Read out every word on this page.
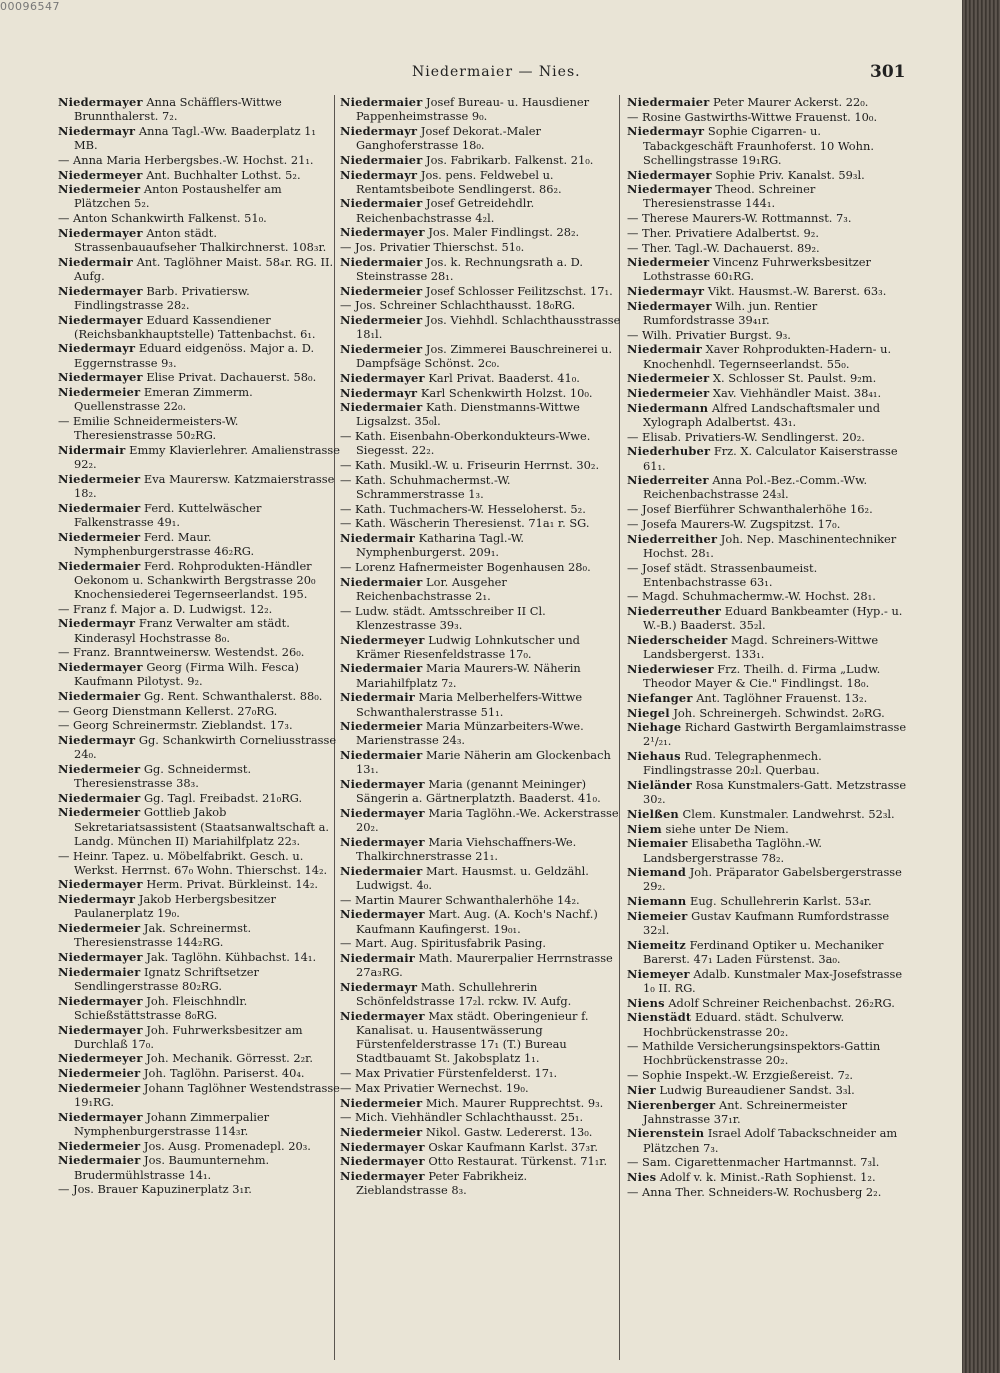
00096547
Niedermaier — Nies.	301
Niedermayer Anna Schäfflers-Wittwe Brunnthalerst. 7₂.
Niedermayr Anna Tagl.-Ww. Baaderplatz 1₁ MB.
— Anna Maria Herbergsbes.-W. Hochst. 21₁.
Niedermeyer Ant. Buchhalter Lothst. 5₂.
Niedermeier Anton Postaushelfer am Plätzchen 5₂.
— Anton Schankwirth Falkenst. 51₀.
Niedermayer Anton städt. Strassenbauaufseher Thalkirchnerst. 108₃r.
Niedermair Ant. Taglöhner Maist. 58₄r. RG. II. Aufg.
Niedermayer Barb. Privatiersw. Findlingstrasse 28₂.
Niedermayer Eduard Kassendiener (Reichsbankhauptstelle) Tattenbachst. 6₁.
Niedermayr Eduard eidgenöss. Major a. D. Eggernstrasse 9₃.
Niedermayer Elise Privat. Dachauerst. 58₀.
Niedermeier Emeran Zimmerm. Quellenstrasse 22₀.
— Emilie Schneidermeisters-W. Theresienstrasse 50₂RG.
Nidermair Emmy Klavierlehrer. Amalienstrasse 92₂.
Niedermeier Eva Maurersw. Katzmaierstrasse 18₂.
Niedermaier Ferd. Kuttelwäscher Falkenstrasse 49₁.
Niedermeier Ferd. Maur. Nymphenburgerstrasse 46₂RG.
Niedermaier Ferd. Rohprodukten-Händler Oekonom u. Schankwirth Bergstrasse 20₀ Knochensiederei Tegernseerlandst. 195.
— Franz f. Major a. D. Ludwigst. 12₂.
Niedermayr Franz Verwalter am städt. Kinderasyl Hochstrasse 8₀.
— Franz. Branntweinersw. Westendst. 26₀.
Niedermayer Georg (Firma Wilh. Fesca) Kaufmann Pilotyst. 9₂.
Niedermaier Gg. Rent. Schwanthalerst. 88₀.
— Georg Dienstmann Kellerst. 27₀RG.
— Georg Schreinermstr. Zieblandst. 17₃.
Niedermayr Gg. Schankwirth Corneliusstrasse 24₀.
Niedermeier Gg. Schneidermst. Theresienstrasse 38₃.
Niedermaier Gg. Tagl. Freibadst. 21₀RG.
Niedermeier Gottlieb Jakob Sekretariatsassistent (Staatsanwaltschaft a. Landg. München II) Mariahilfplatz 22₃.
— Heinr. Tapez. u. Möbelfabrikt. Gesch. u. Werkst. Herrnst. 67₀ Wohn. Thierschst. 14₂.
Niedermayer Herm. Privat. Bürkleinst. 14₂.
Niedermayr Jakob Herbergsbesitzer Paulanerplatz 19₀.
Niedermeier Jak. Schreinermst. Theresienstrasse 144₂RG.
Niedermayer Jak. Taglöhn. Kühbachst. 14₁.
Niedermaier Ignatz Schriftsetzer Sendlingerstrasse 80₂RG.
Niedermayer Joh. Fleischhndlr. Schießstättstrasse 8₀RG.
Niedermayer Joh. Fuhrwerksbesitzer am Durchlaß 17₀.
Niedermeyer Joh. Mechanik. Görresst. 2₂r.
Niedermeier Joh. Taglöhn. Pariserst. 40₄.
Niedermeier Johann Taglöhner Westendstrasse 19₁RG.
Niedermayer Johann Zimmerpalier Nymphenburgerstrasse 114₃r.
Niedermeier Jos. Ausg. Promenadepl. 20₃.
Niedermaier Jos. Baumunternehm. Brudermühlstrasse 14₁.
— Jos. Brauer Kapuzinerplatz 3₁r.
Niedermaier Josef Bureau- u. Hausdiener Pappenheimstrasse 9₀.
Niedermayr Josef Dekorat.-Maler Ganghoferstrasse 18₀.
Niedermaier Jos. Fabrikarb. Falkenst. 21₀.
Niedermayr Jos. pens. Feldwebel u. Rentamtsbeibote Sendlingerst. 86₂.
Niedermaier Josef Getreidehdlr. Reichenbachstrasse 4₂l.
Niedermayer Jos. Maler Findlingst. 28₂.
— Jos. Privatier Thierschst. 51₀.
Niedermaier Jos. k. Rechnungsrath a. D. Steinstrasse 28₁.
Niedermeier Josef Schlosser Feilitzschst. 17₁.
— Jos. Schreiner Schlachthausst. 18₀RG.
Niedermeier Jos. Viehhdl. Schlachthausstrasse 18₁l.
Niedermeier Jos. Zimmerei Bauschreinerei u. Dampfsäge Schönst. 2c₀.
Niedermayer Karl Privat. Baaderst. 41₀.
Niedermayr Karl Schenkwirth Holzst. 10₀.
Niedermaier Kath. Dienstmanns-Wittwe Ligsalzst. 35₀l.
— Kath. Eisenbahn-Oberkondukteurs-Wwe. Siegesst. 22₂.
— Kath. Musikl.-W. u. Friseurin Herrnst. 30₂.
— Kath. Schuhmachermst.-W. Schrammerstrasse 1₃.
— Kath. Tuchmachers-W. Hesseloherst. 5₂.
— Kath. Wäscherin Theresienst. 71a₁ r. SG.
Niedermair Katharina Tagl.-W. Nymphenburgerst. 209₁.
— Lorenz Hafnermeister Bogenhausen 28₀.
Niedermaier Lor. Ausgeher Reichenbachstrasse 2₁.
— Ludw. städt. Amtsschreiber II Cl. Klenzestrasse 39₃.
Niedermeyer Ludwig Lohnkutscher und Krämer Riesenfeldstrasse 17₀.
Niedermaier Maria Maurers-W. Näherin Mariahilfplatz 7₂.
Niedermair Maria Melberhelfers-Wittwe Schwanthalerstrasse 51₁.
Niedermeier Maria Münzarbeiters-Wwe. Marienstrasse 24₃.
Niedermaier Marie Näherin am Glockenbach 13₁.
Niedermayer Maria (genannt Meininger) Sängerin a. Gärtnerplatzth. Baaderst. 41₀.
Niedermayer Maria Taglöhn.-We. Ackerstrasse 20₂.
Niedermayer Maria Viehschaffners-We. Thalkirchnerstrasse 21₁.
Niedermaier Mart. Hausmst. u. Geldzähl. Ludwigst. 4₀.
— Martin Maurer Schwanthalerhöhe 14₂.
Niedermayer Mart. Aug. (A. Koch's Nachf.) Kaufmann Kaufingerst. 19₀₁.
— Mart. Aug. Spiritusfabrik Pasing.
Niedermair Math. Maurerpalier Herrnstrasse 27a₃RG.
Niedermayr Math. Schullehrerin Schönfeldstrasse 17₂l. rckw. IV. Aufg.
Niedermayer Max städt. Oberingenieur f. Kanalisat. u. Hausentwässerung Fürstenfelderstrasse 17₁ (T.) Bureau Stadtbauamt St. Jakobsplatz 1₁.
— Max Privatier Fürstenfelderst. 17₁.
— Max Privatier Wernechst. 19₀.
Niedermeier Mich. Maurer Rupprechtst. 9₃.
— Mich. Viehhändler Schlachthausst. 25₁.
Niedermeier Nikol. Gastw. Ledererst. 13₀.
Niedermayer Oskar Kaufmann Karlst. 37₃r.
Niedermayer Otto Restaurat. Türkenst. 71₁r.
Niedermayer Peter Fabrikheiz. Zieblandstrasse 8₃.
Niedermaier Peter Maurer Ackerst. 22₀.
— Rosine Gastwirths-Wittwe Frauenst. 10₀.
Niedermayr Sophie Cigarren- u. Tabackgeschäft Fraunhoferst. 10 Wohn. Schellingstrasse 19₁RG.
Niedermayer Sophie Priv. Kanalst. 59₃l.
Niedermayer Theod. Schreiner Theresienstrasse 144₁.
— Therese Maurers-W. Rottmannst. 7₃.
— Ther. Privatiere Adalbertst. 9₂.
— Ther. Tagl.-W. Dachauerst. 89₂.
Niedermeier Vincenz Fuhrwerksbesitzer Lothstrasse 60₁RG.
Niedermayr Vikt. Hausmst.-W. Barerst. 63₃.
Niedermayer Wilh. jun. Rentier Rumfordstrasse 39₄₁r.
— Wilh. Privatier Burgst. 9₃.
Niedermair Xaver Rohprodukten-Hadern- u. Knochenhdl. Tegernseerlandst. 55₀.
Niedermeier X. Schlosser St. Paulst. 9₂m.
Niedermeier Xav. Viehhändler Maist. 38₄₁.
Niedermann Alfred Landschaftsmaler und Xylograph Adalbertst. 43₁.
— Elisab. Privatiers-W. Sendlingerst. 20₂.
Niederhuber Frz. X. Calculator Kaiserstrasse 61₁.
Niederreiter Anna Pol.-Bez.-Comm.-Ww. Reichenbachstrasse 24₃l.
— Josef Bierführer Schwanthalerhöhe 16₂.
— Josefa Maurers-W. Zugspitzst. 17₀.
Niederreither Joh. Nep. Maschinentechniker Hochst. 28₁.
— Josef städt. Strassenbaumeist. Entenbachstrasse 63₁.
— Magd. Schuhmachermw.-W. Hochst. 28₁.
Niederreuther Eduard Bankbeamter (Hyp.- u. W.-B.) Baaderst. 35₂l.
Niederscheider Magd. Schreiners-Wittwe Landsbergerst. 133₁.
Niederwieser Frz. Theilh. d. Firma „Ludw. Theodor Mayer & Cie." Findlingst. 18₀.
Niefanger Ant. Taglöhner Frauenst. 13₂.
Niegel Joh. Schreinergeh. Schwindst. 2₀RG.
Niehage Richard Gastwirth Bergamlaimstrasse 2¹/₂₁.
Niehaus Rud. Telegraphenmech. Findlingstrasse 20₂l. Querbau.
Nieländer Rosa Kunstmalers-Gatt. Metzstrasse 30₂.
Nielßen Clem. Kunstmaler. Landwehrst. 52₃l.
Niem siehe unter De Niem.
Niemaier Elisabetha Taglöhn.-W. Landsbergerstrasse 78₂.
Niemand Joh. Präparator Gabelsbergerstrasse 29₂.
Niemann Eug. Schullehrerin Karlst. 53₄r.
Niemeier Gustav Kaufmann Rumfordstrasse 32₂l.
Niemeitz Ferdinand Optiker u. Mechaniker Barerst. 47₁ Laden Fürstenst. 3a₀.
Niemeyer Adalb. Kunstmaler Max-Josefstrasse 1₀ II. RG.
Niens Adolf Schreiner Reichenbachst. 26₂RG.
Nienstädt Eduard. städt. Schulverw. Hochbrückenstrasse 20₂.
— Mathilde Versicherungsinspektors-Gattin Hochbrückenstrasse 20₂.
— Sophie Inspekt.-W. Erzgießereist. 7₂.
Nier Ludwig Bureaudiener Sandst. 3₃l.
Nierenberger Ant. Schreinermeister Jahnstrasse 37₁r.
Nierenstein Israel Adolf Tabackschneider am Plätzchen 7₃.
— Sam. Cigarettenmacher Hartmannst. 7₃l.
Nies Adolf v. k. Minist.-Rath Sophienst. 1₂.
— Anna Ther. Schneiders-W. Rochusberg 2₂.
